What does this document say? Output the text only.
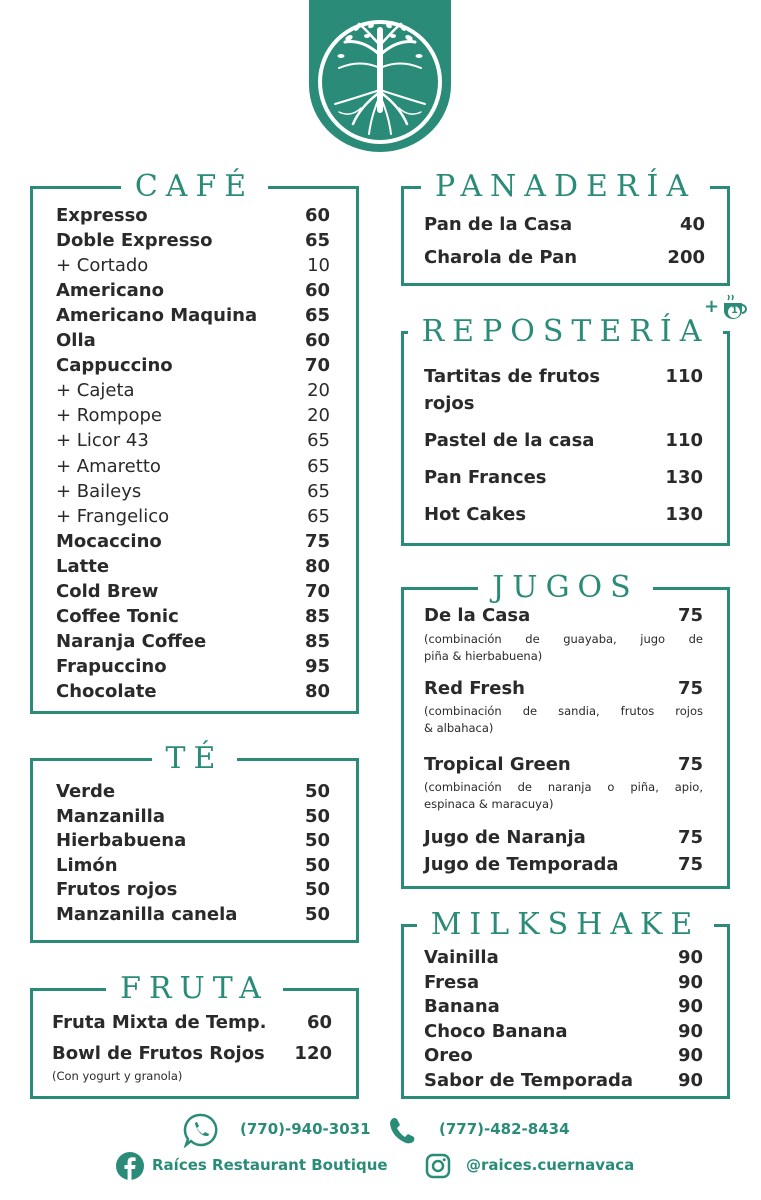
CAFÉ
Expresso	60
Doble Expresso	65
+ Cortado	10
Americano	60
Americano Maquina	65
Olla	60
Cappuccino	70
+ Cajeta	20
+ Rompope	20
+ Licor 43	65
+ Amaretto	65
+ Baileys	65
+ Frangelico	65
Mocaccino	75
Latte	80
Cold Brew	70
Coffee Tonic	85
Naranja Coffee	85
Frapuccino	95
Chocolate	80
TÉ
Verde	50
Manzanilla	50
Hierbabuena	50
Limón	50
Frutos rojos	50
Manzanilla canela	50
FRUTA
Fruta Mixta de Temp. 60
Bowl de Frutos Rojos 120
(Con yogurt y granola)
PANADERÍA
Pan de la Casa	40
Charola de Pan	200
REPOSTERÍA
Tartitas de frutos	110
rojos
Pastel de la casa	110
Pan Frances	130
Hot Cakes	130
+ 1
JUGOS
De la Casa	75
(combinación de guayaba, jugo de
piña & hierbabuena)
Red Fresh	75
(combinación de sandia, frutos rojos
& albahaca)
Tropical Green	75
(combinación de naranja o piña, apio,
espinaca & maracuya)
Jugo de Naranja	75
Jugo de Temporada	75
MILKSHAKE
Vainilla	90
Fresa	90
Banana	90
Choco Banana	90
Oreo	90
Sabor de Temporada 90
(770)-940-3031	(777)-482-8434
Raíces Restaurant Boutique	@raices.cuernavaca
